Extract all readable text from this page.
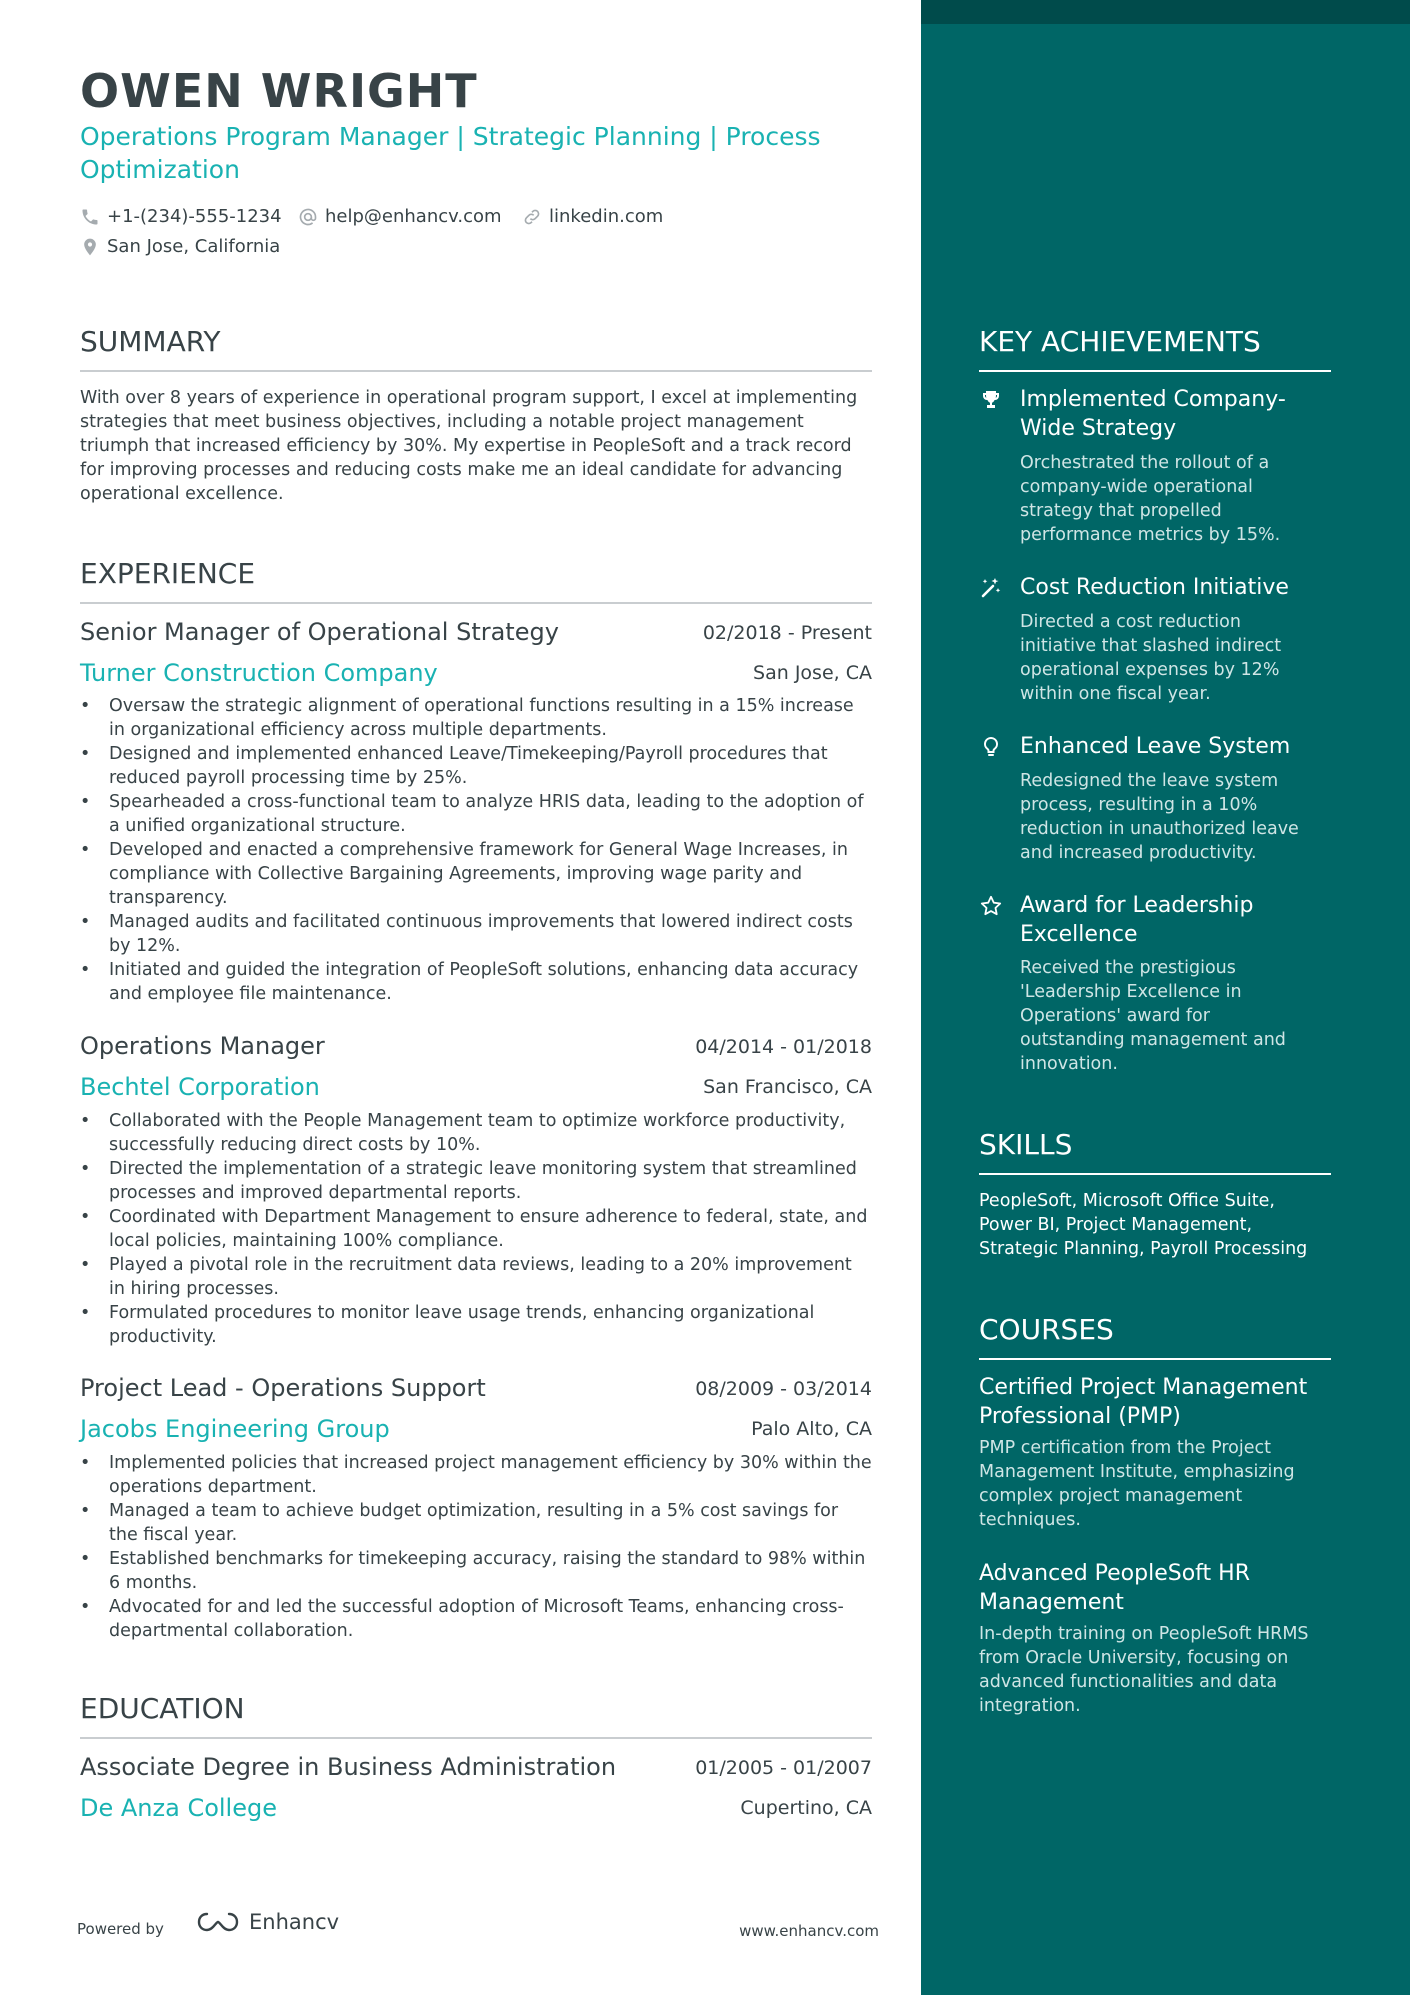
OWEN WRIGHT
Operations Program Manager | Strategic Planning | Process Optimization
+1-(234)-555-1234 help@enhancv.com	linkedin.com
San Jose, California
SUMMARY
With over 8 years of experience in operational program support, I excel at implementing strategies that meet business objectives, including a notable project management triumph that increased efficiency by 30%. My expertise in PeopleSoft and a track record for improving processes and reducing costs make me an ideal candidate for advancing operational excellence.
EXPERIENCE
Senior Manager of Operational Strategy	02/2018 - Present
Turner Construction Company	San Jose, CA
• Oversaw the strategic alignment of operational functions resulting in a 15% increase in organizational efficiency across multiple departments.
• Designed and implemented enhanced Leave/Timekeeping/Payroll procedures that reduced payroll processing time by 25%.
• Spearheaded a cross-functional team to analyze HRIS data, leading to the adoption of a unified organizational structure.
• Developed and enacted a comprehensive framework for General Wage Increases, in compliance with Collective Bargaining Agreements, improving wage parity and transparency.
• Managed audits and facilitated continuous improvements that lowered indirect costs by 12%.
• Initiated and guided the integration of PeopleSoft solutions, enhancing data accuracy and employee file maintenance.
Operations Manager	04/2014 - 01/2018
Bechtel Corporation	San Francisco, CA
• Collaborated with the People Management team to optimize workforce productivity, successfully reducing direct costs by 10%.
• Directed the implementation of a strategic leave monitoring system that streamlined processes and improved departmental reports.
• Coordinated with Department Management to ensure adherence to federal, state, and local policies, maintaining 100% compliance.
• Played a pivotal role in the recruitment data reviews, leading to a 20% improvement in hiring processes.
• Formulated procedures to monitor leave usage trends, enhancing organizational productivity.
Project Lead - Operations Support	08/2009 - 03/2014
Jacobs Engineering Group	Palo Alto, CA
• Implemented policies that increased project management efficiency by 30% within the operations department.
• Managed a team to achieve budget optimization, resulting in a 5% cost savings for the fiscal year.
• Established benchmarks for timekeeping accuracy, raising the standard to 98% within 6 months.
• Advocated for and led the successful adoption of Microsoft Teams, enhancing cross-departmental collaboration.
EDUCATION
Associate Degree in Business Administration	01/2005 - 01/2007
De Anza College	Cupertino, CA
Powered by	Enhancv	www.enhancv.com
KEY ACHIEVEMENTS
Implemented Company-Wide Strategy
Orchestrated the rollout of a company-wide operational strategy that propelled performance metrics by 15%.
Cost Reduction Initiative
Directed a cost reduction initiative that slashed indirect operational expenses by 12% within one fiscal year.
Enhanced Leave System
Redesigned the leave system process, resulting in a 10% reduction in unauthorized leave and increased productivity.
Award for Leadership Excellence
Received the prestigious 'Leadership Excellence in Operations' award for outstanding management and innovation.
SKILLS
PeopleSoft, Microsoft Office Suite, Power BI, Project Management, Strategic Planning, Payroll Processing
COURSES
Certified Project Management Professional (PMP)
PMP certification from the Project Management Institute, emphasizing complex project management techniques.
Advanced PeopleSoft HR Management
In-depth training on PeopleSoft HRMS from Oracle University, focusing on advanced functionalities and data integration.
